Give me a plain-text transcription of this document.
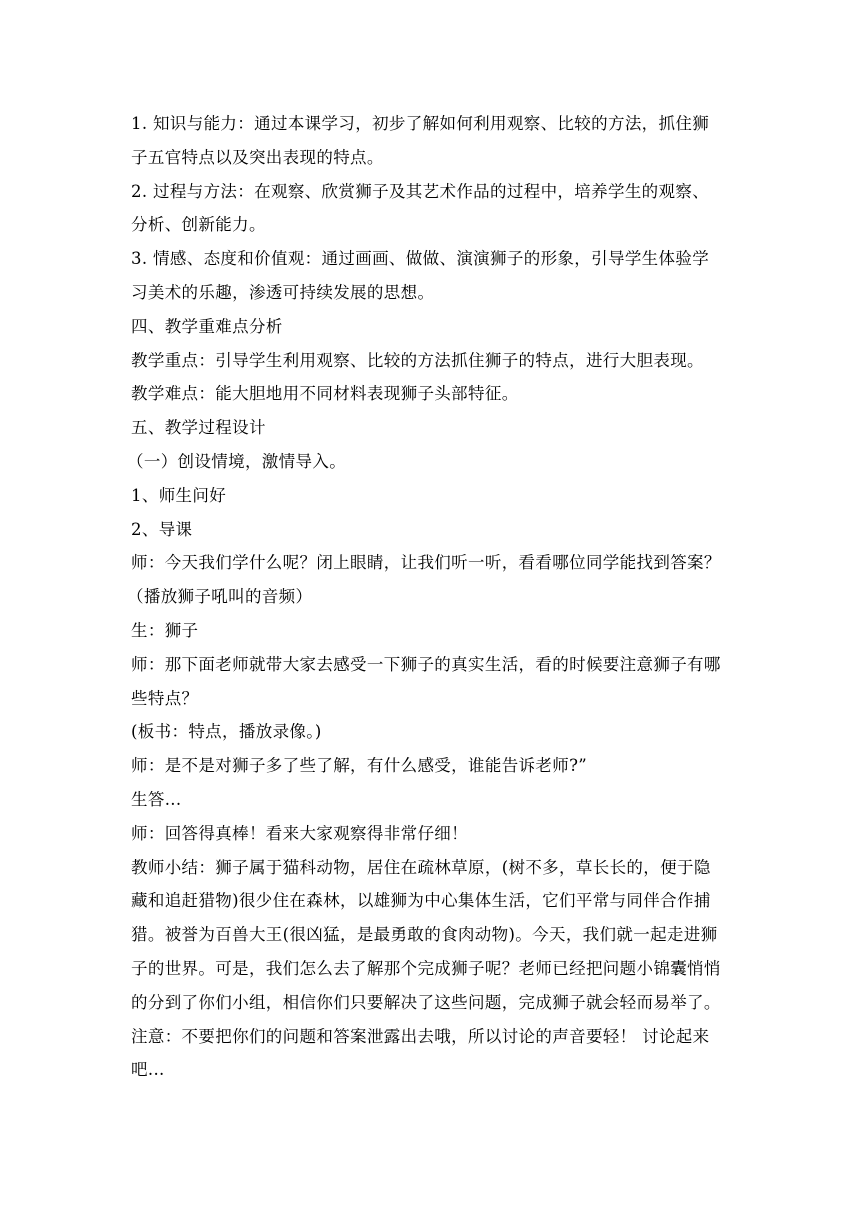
1. 知识与能力：通过本课学习，初步了解如何利用观察、比较的方法，抓住狮
子五官特点以及突出表现的特点。
2. 过程与方法：在观察、欣赏狮子及其艺术作品的过程中，培养学生的观察、
分析、创新能力。
3. 情感、态度和价值观：通过画画、做做、演演狮子的形象，引导学生体验学
习美术的乐趣，渗透可持续发展的思想。
四、教学重难点分析
教学重点：引导学生利用观察、比较的方法抓住狮子的特点，进行大胆表现。
教学难点：能大胆地用不同材料表现狮子头部特征。
五、教学过程设计
（一）创设情境，激情导入。
1、师生问好
2、导课
师：今天我们学什么呢？闭上眼睛，让我们听一听，看看哪位同学能找到答案？
（播放狮子吼叫的音频）
生：狮子
师：那下面老师就带大家去感受一下狮子的真实生活，看的时候要注意狮子有哪
些特点？
(板书：特点，播放录像。)
师：是不是对狮子多了些了解，有什么感受，谁能告诉老师?”
生答...
师：回答得真棒！看来大家观察得非常仔细！
教师小结：狮子属于猫科动物，居住在疏林草原，(树不多，草长长的，便于隐
藏和追赶猎物)很少住在森林，以雄狮为中心集体生活，它们平常与同伴合作捕
猎。被誉为百兽大王(很凶猛，是最勇敢的食肉动物)。今天，我们就一起走进狮
子的世界。可是，我们怎么去了解那个完成狮子呢？老师已经把问题小锦囊悄悄
的分到了你们小组，相信你们只要解决了这些问题，完成狮子就会轻而易举了。
注意：不要把你们的问题和答案泄露出去哦，所以讨论的声音要轻！ 讨论起来
吧...
